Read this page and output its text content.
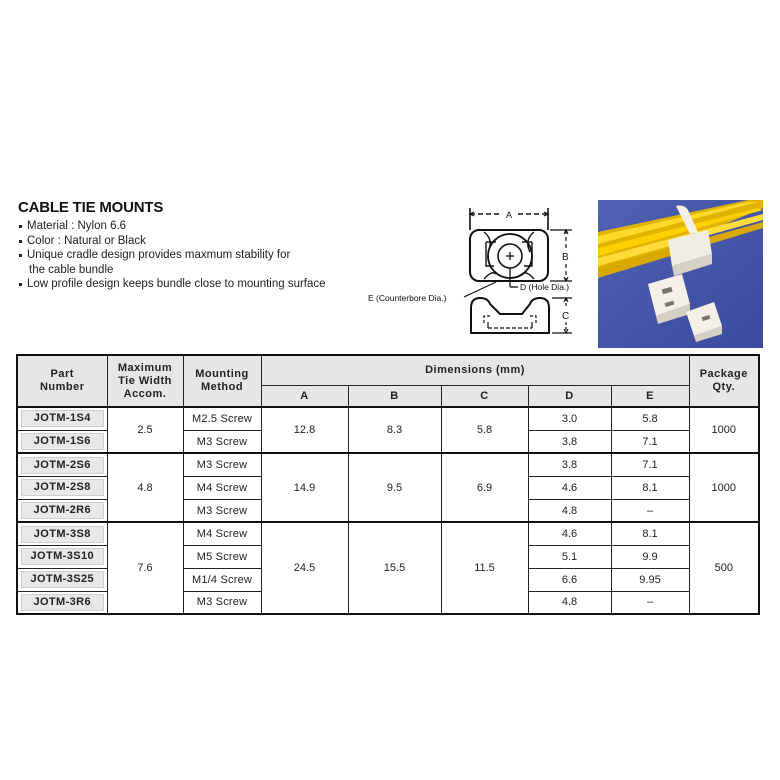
CABLE TIE MOUNTS
Material : Nylon 6.6
Color : Natural or Black
Unique cradle design provides maxmum stability for
the cable bundle
Low profile design keeps bundle close to mounting surface
A
B
C
D (Hole Dia.)
E (Counterbore Dia.)
Part
Number	Maximum
Tie Width
Accom.	Mounting
Method	Dimensions (mm)					Package
Qty.
			A	B	C	D	E	

JOTM-1S4	2.5	M2.5 Screw	12.8	8.3	5.8	3.0	5.8	1000

JOTM-1S6		M3 Screw				3.8	7.1	

JOTM-2S6	4.8	M3 Screw	14.9	9.5	6.9	3.8	7.1	1000

JOTM-2S8		M4 Screw				4.6	8.1	

JOTM-2R6		M3 Screw				4.8	–	

JOTM-3S8	7.6	M4 Screw	24.5	15.5	11.5	4.6	8.1	500

JOTM-3S10		M5 Screw				5.1	9.9	

JOTM-3S25		M1/4 Screw				6.6	9.95	

JOTM-3R6		M3 Screw				4.8	–	
